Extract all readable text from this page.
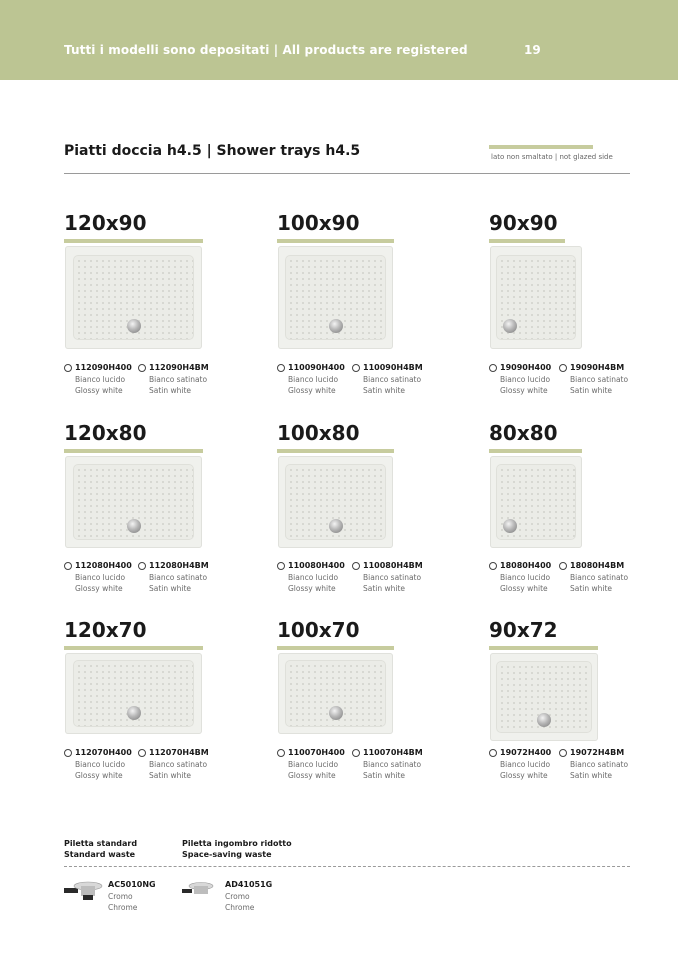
Tutti i modelli sono depositati | All products are registered	19
Piatti doccia h4.5 | Shower trays h4.5	lato non smaltato | not glazed side
120x90
112090H400
Bianco lucido
Glossy white
112090H4BM
Bianco satinato
Satin white
100x90
110090H400
Bianco lucido
Glossy white
110090H4BM
Bianco satinato
Satin white
90x90
19090H400
Bianco lucido
Glossy white
19090H4BM
Bianco satinato
Satin white
120x80
112080H400
Bianco lucido
Glossy white
112080H4BM
Bianco satinato
Satin white
100x80
110080H400
Bianco lucido
Glossy white
110080H4BM
Bianco satinato
Satin white
80x80
18080H400
Bianco lucido
Glossy white
18080H4BM
Bianco satinato
Satin white
120x70
112070H400
Bianco lucido
Glossy white
112070H4BM
Bianco satinato
Satin white
100x70
110070H400
Bianco lucido
Glossy white
110070H4BM
Bianco satinato
Satin white
90x72
19072H400
Bianco lucido
Glossy white
19072H4BM
Bianco satinato
Satin white
Piletta standard
Standard waste
Piletta ingombro ridotto
Space-saving waste
AC5010NG
Cromo
Chrome
AD41051G
Cromo
Chrome
